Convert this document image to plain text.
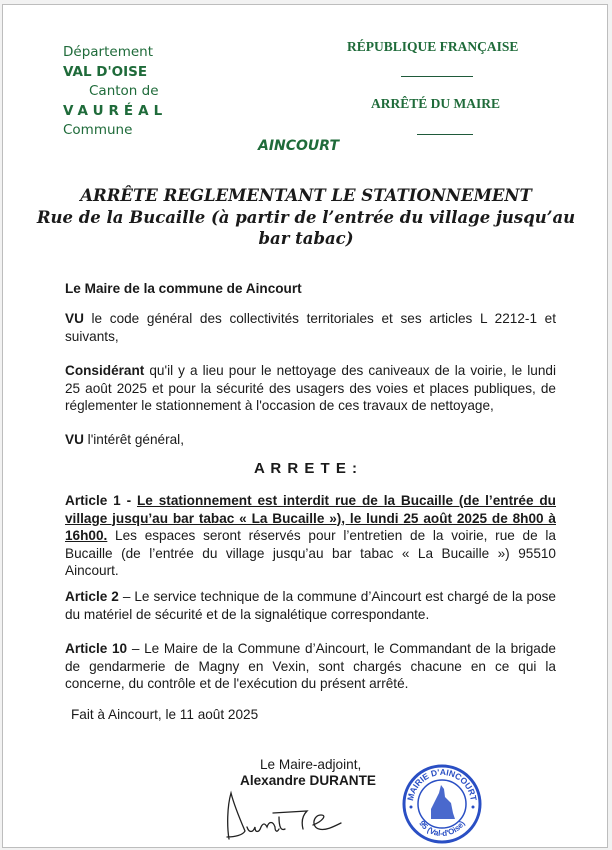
Département
VAL D'OISE
Canton de
VAURÉAL
Commune
AINCOURT
RÉPUBLIQUE FRANÇAISE
ARRÊTÉ DU MAIRE
ARRÊTE REGLEMENTANT LE STATIONNEMENT
Rue de la Bucaille (à partir de l’entrée du village jusqu’au
bar tabac)
Le Maire de la commune de Aincourt
VU le code général des collectivités territoriales et ses articles L 2212-1 et suivants,
Considérant qu'il y a lieu pour le nettoyage des caniveaux de la voirie, le lundi 25 août 2025 et pour la sécurité des usagers des voies et places publiques, de réglementer le stationnement à l'occasion de ces travaux de nettoyage,
VU l'intérêt général,
A R R E T E :
Article 1 - Le stationnement est interdit rue de la Bucaille (de l’entrée du village jusqu’au bar tabac « La Bucaille »), le lundi 25 août 2025 de 8h00 à 16h00. Les espaces seront réservés pour l’entretien de la voirie, rue de la Bucaille (de l’entrée du village jusqu’au bar tabac « La Bucaille ») 95510 Aincourt.
Article 2 – Le service technique de la commune d’Aincourt est chargé de la pose du matériel de sécurité et de la signalétique correspondante.
Article 10 – Le Maire de la Commune d’Aincourt, le Commandant de la brigade de gendarmerie de Magny en Vexin, sont chargés chacune en ce qui la concerne, du contrôle et de l'exécution du présent arrêté.
Fait à Aincourt, le 11 août 2025
Le Maire-adjoint,
Alexandre DURANTE
MAIRIE D'AINCOURT
95 (Val-d'Oise)
